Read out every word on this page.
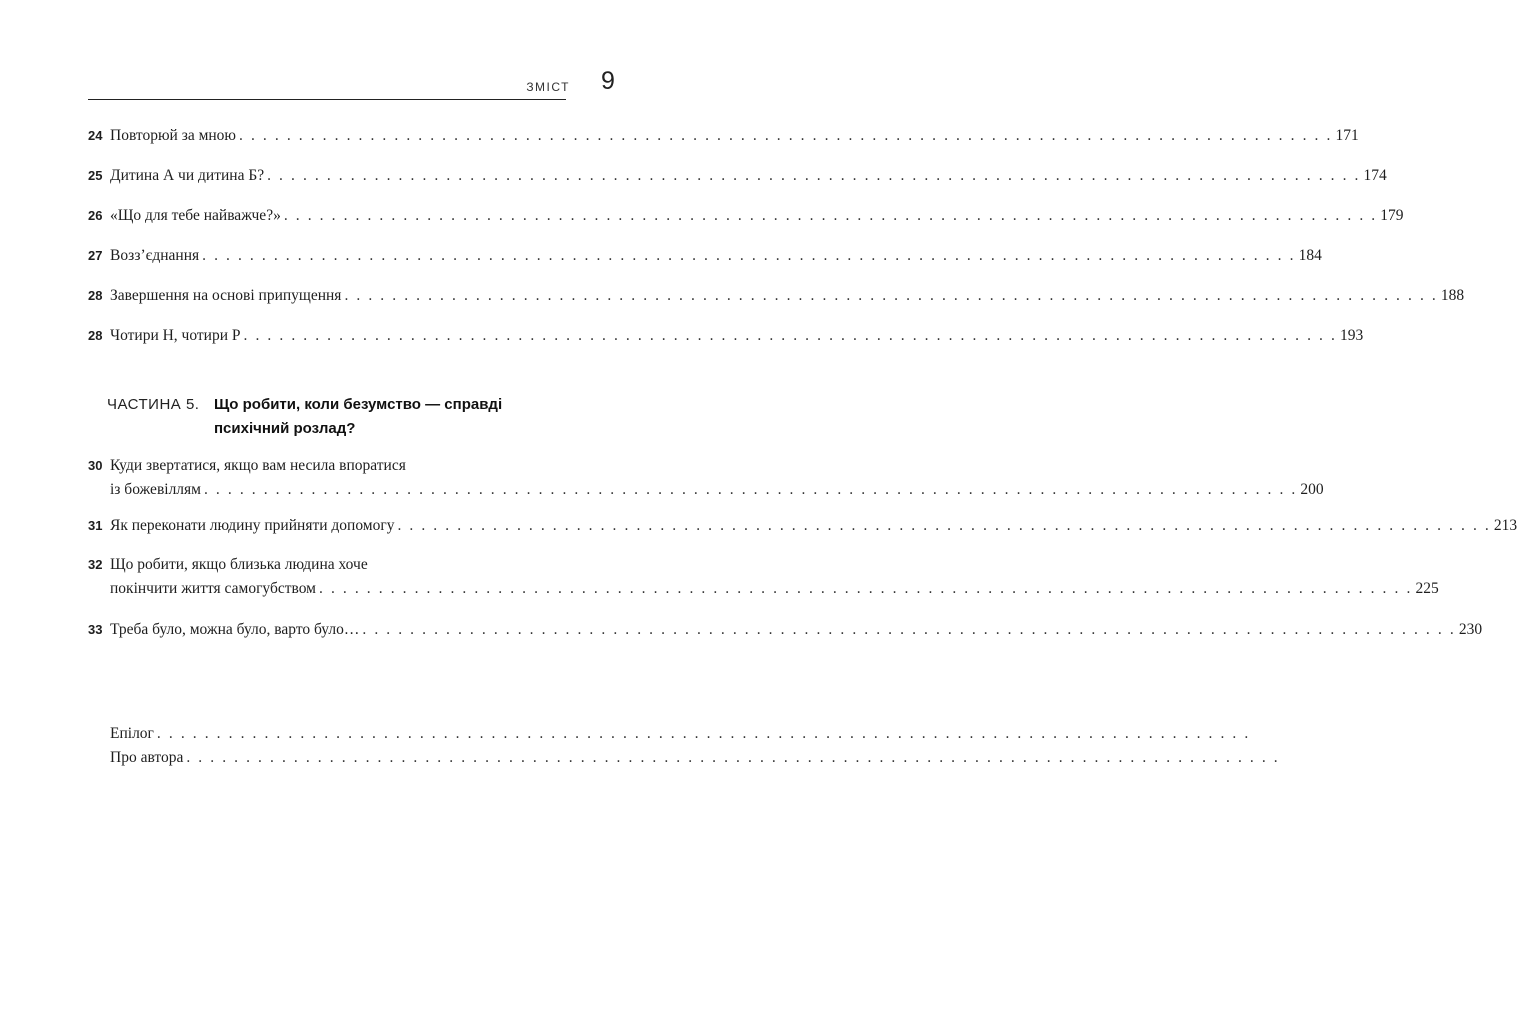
ЗМІСТ	9
24 Повторюй за мною . . . . . . . . . . . . . . . . . . . . . . . . . . . . . . . . . . . . . . . . . . . . . . . . . . . . . . . . . . . . . . . . . . . . . . . . . . . . . . . . . . . . . . . . . . . . 171
25 Дитина А чи дитина Б? . . . . . . . . . . . . . . . . . . . . . . . . . . . . . . . . . . . . . . . . . . . . . . . . . . . . . . . . . . . . . . . . . . . . . . . . . . . . . . . . . . . . . . . . . . . . 174
26 «Що для тебе найважче?» . . . . . . . . . . . . . . . . . . . . . . . . . . . . . . . . . . . . . . . . . . . . . . . . . . . . . . . . . . . . . . . . . . . . . . . . . . . . . . . . . . . . . . . . . . . . 179
27 Возз’єднання . . . . . . . . . . . . . . . . . . . . . . . . . . . . . . . . . . . . . . . . . . . . . . . . . . . . . . . . . . . . . . . . . . . . . . . . . . . . . . . . . . . . . . . . . . . . 184
28 Завершення на основі припущення . . . . . . . . . . . . . . . . . . . . . . . . . . . . . . . . . . . . . . . . . . . . . . . . . . . . . . . . . . . . . . . . . . . . . . . . . . . . . . . . . . . . . . . . . . . . 188
28 Чотири Н, чотири Р . . . . . . . . . . . . . . . . . . . . . . . . . . . . . . . . . . . . . . . . . . . . . . . . . . . . . . . . . . . . . . . . . . . . . . . . . . . . . . . . . . . . . . . . . . . . 193
ЧАСТИНА 5. Що робити, коли безумство — справді психічний розлад?
30 Куди звертатися, якщо вам несила впоратися
із божевіллям . . . . . . . . . . . . . . . . . . . . . . . . . . . . . . . . . . . . . . . . . . . . . . . . . . . . . . . . . . . . . . . . . . . . . . . . . . . . . . . . . . . . . . . . . . . . 200
31 Як переконати людину прийняти допомогу . . . . . . . . . . . . . . . . . . . . . . . . . . . . . . . . . . . . . . . . . . . . . . . . . . . . . . . . . . . . . . . . . . . . . . . . . . . . . . . . . . . . . . . . . . . . 213
32 Що робити, якщо близька людина хоче
покінчити життя самогубством . . . . . . . . . . . . . . . . . . . . . . . . . . . . . . . . . . . . . . . . . . . . . . . . . . . . . . . . . . . . . . . . . . . . . . . . . . . . . . . . . . . . . . . . . . . . 225
33 Треба було, можна було, варто було… . . . . . . . . . . . . . . . . . . . . . . . . . . . . . . . . . . . . . . . . . . . . . . . . . . . . . . . . . . . . . . . . . . . . . . . . . . . . . . . . . . . . . . . . . . . . 230
Епілог . . . . . . . . . . . . . . . . . . . . . . . . . . . . . . . . . . . . . . . . . . . . . . . . . . . . . . . . . . . . . . . . . . . . . . . . . . . . . . . . . . . . . . . . . . . .
Про автора . . . . . . . . . . . . . . . . . . . . . . . . . . . . . . . . . . . . . . . . . . . . . . . . . . . . . . . . . . . . . . . . . . . . . . . . . . . . . . . . . . . . . . . . . . . .
